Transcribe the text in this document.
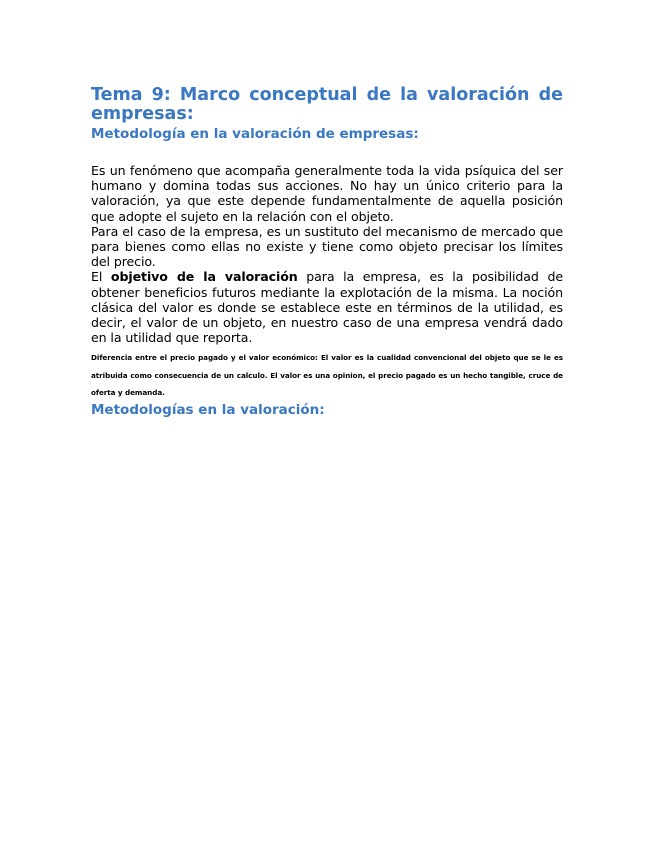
Tema 9: Marco conceptual de la valoración de empresas:
Metodología en la valoración de empresas:

Es un fenómeno que acompaña generalmente toda la vida psíquica del ser humano y domina todas sus acciones. No hay un único criterio para la valoración, ya que este depende fundamentalmente de aquella posición que adopte el sujeto en la relación con el objeto.

Para el caso de la empresa, es un sustituto del mecanismo de mercado que para bienes como ellas no existe y tiene como objeto precisar los límites del precio.

El objetivo de la valoración para la empresa, es la posibilidad de obtener beneficios futuros mediante la explotación de la misma. La noción clásica del valor es donde se establece este en términos de la utilidad, es decir, el valor de un objeto, en nuestro caso de una empresa vendrá dado en la utilidad que reporta.

Diferencia entre el precio pagado y el valor económico: El valor es la cualidad convencional del objeto que se le es atribuida como consecuencia de un calculo. El valor es una opinion, el precio pagado es un hecho tangible, cruce de oferta y demanda.

Metodologías en la valoración:
